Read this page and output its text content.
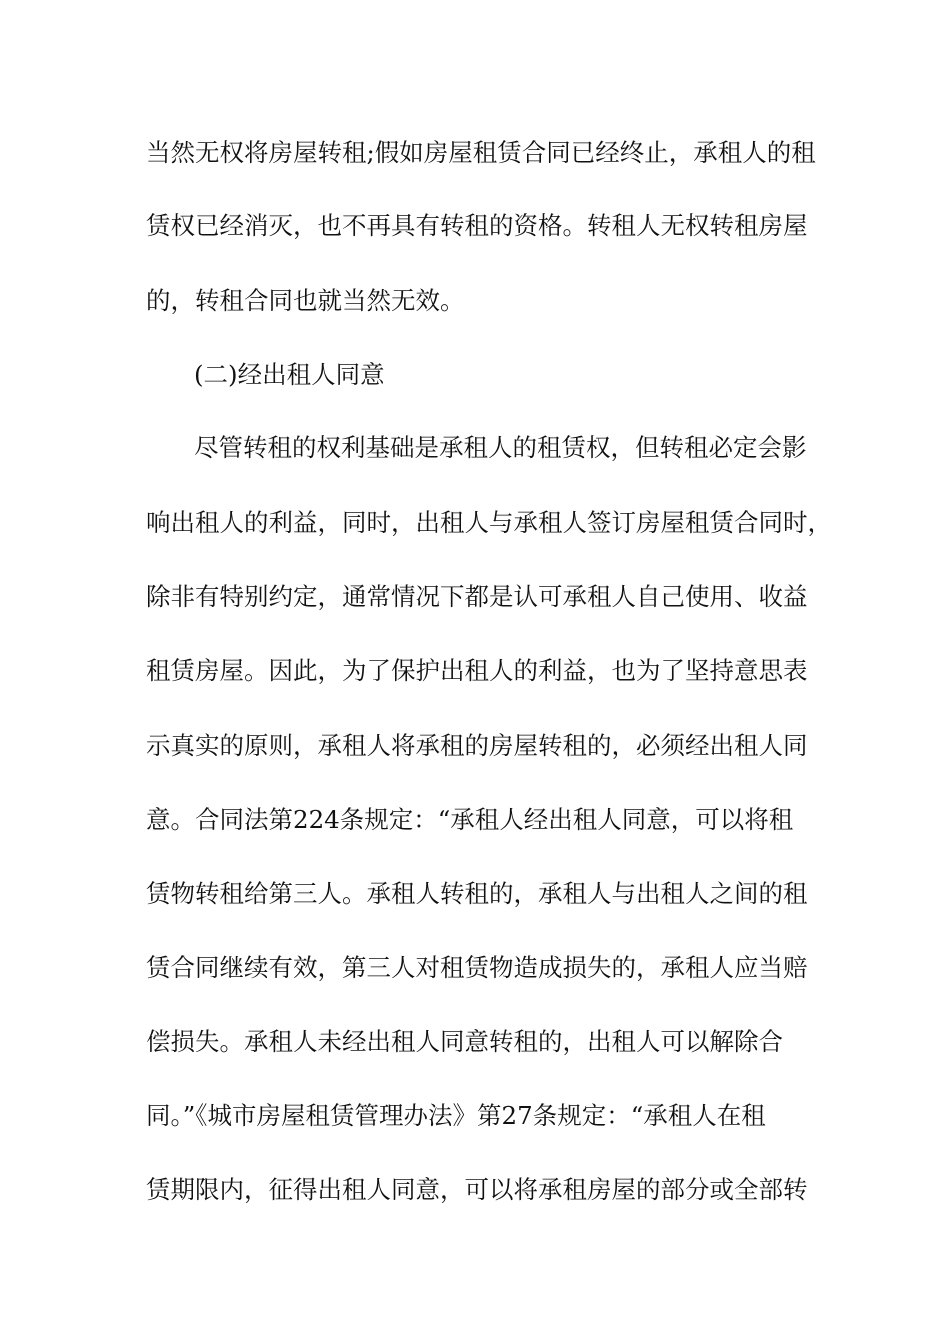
当然无权将房屋转租;假如房屋租赁合同已经终止，承租人的租
赁权已经消灭，也不再具有转租的资格。转租人无权转租房屋
的，转租合同也就当然无效。
(二)经出租人同意
尽管转租的权利基础是承租人的租赁权，但转租必定会影
响出租人的利益，同时，出租人与承租人签订房屋租赁合同时，
除非有特别约定，通常情况下都是认可承租人自己使用、收益
租赁房屋。因此，为了保护出租人的利益，也为了坚持意思表
示真实的原则，承租人将承租的房屋转租的，必须经出租人同
意。合同法第224条规定：“承租人经出租人同意，可以将租
赁物转租给第三人。承租人转租的，承租人与出租人之间的租
赁合同继续有效，第三人对租赁物造成损失的，承租人应当赔
偿损失。承租人未经出租人同意转租的，出租人可以解除合
同。”《城市房屋租赁管理办法》第27条规定：“承租人在租
赁期限内，征得出租人同意，可以将承租房屋的部分或全部转
